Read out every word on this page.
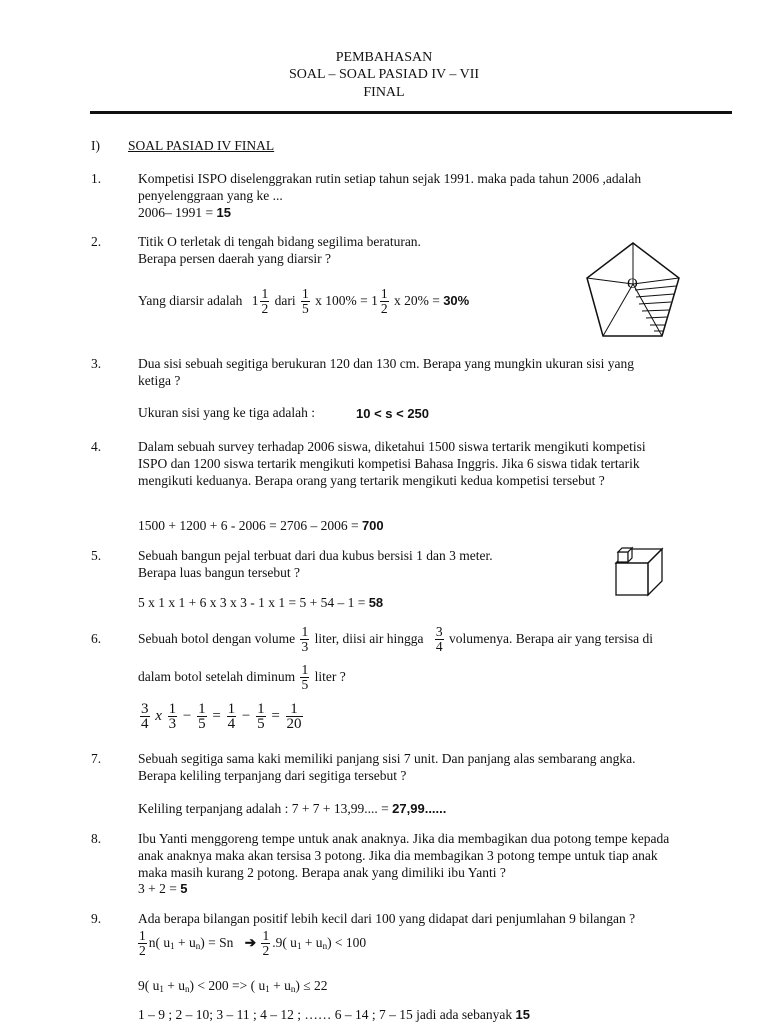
PEMBAHASAN
SOAL – SOAL PASIAD IV – VII
FINAL
I) SOAL PASIAD IV FINAL
1.	Kompetisi ISPO diselenggrakan rutin setiap tahun sejak 1991. maka pada tahun 2006 ,adalah
penyelenggraan yang ke ...
2006– 1991 = 15
2.	Titik O terletak di tengah bidang segilima beraturan.
Berapa persen daerah yang diarsir ?
Yang diarsir adalah $1 \frac{1}{2}$ dari $\frac{1}{5}$ x $100\% = 1 \frac{1}{2}$ x 20% = 30%
O
3.	Dua sisi sebuah segitiga berukuran 120 dan 130 cm. Berapa yang mungkin ukuran sisi yang
ketiga ?
Ukuran sisi yang ke tiga adalah :	10 < s < 250
4.	Dalam sebuah survey terhadap 2006 siswa, diketahui 1500 siswa tertarik mengikuti kompetisi
ISPO dan 1200 siswa tertarik mengikuti kompetisi Bahasa Inggris. Jika 6 siswa tidak tertarik
mengikuti keduanya. Berapa orang yang tertarik mengikuti kedua kompetisi tersebut ?
1500 + 1200 + 6 - 2006 = 2706 – 2006 = 700
5.	Sebuah bangun pejal terbuat dari dua kubus bersisi 1 dan 3 meter.
Berapa luas bangun tersebut ?
5 x 1 x 1 + 6 x 3 x 3 - 1 x 1 = 5 + 54 – 1 = 58
6.	Sebuah botol dengan volume $\frac{1}{3}$ liter, diisi air hingga $\frac{3}{4}$ volumenya. Berapa air yang tersisa di
dalam botol setelah diminum $\frac{1}{5}$ liter ?
$\frac{3}{4}$ x $\frac{1}{3} - \frac{1}{5} = \frac{1}{4} - \frac{1}{5} = \frac{1}{20}$
7.	Sebuah segitiga sama kaki memiliki panjang sisi 7 unit. Dan panjang alas sembarang angka.
Berapa keliling terpanjang dari segitiga tersebut ?
Keliling terpanjang adalah : 7 + 7 + 13,99.... = 27,99......
8.	Ibu Yanti menggoreng tempe untuk anak anaknya. Jika dia membagikan dua potong tempe kepada
anak anaknya maka akan tersisa 3 potong. Jika dia membagikan 3 potong tempe untuk tiap anak
maka masih kurang 2 potong. Berapa anak yang dimiliki ibu Yanti ?
3 + 2 = 5
9.	Ada berapa bilangan positif lebih kecil dari 100 yang didapat dari penjumlahan 9 bilangan ?
$\frac{1}{2} n$( $u_1 + u_n) = Sn$ ➔ $\frac{1}{2} .9$( $u_1 + u_n) < 100$
9( $u_1 + u_n) < 200$ => ( $u_1 + u_n) \le 22$
1 – 9 ; 2 – 10; 3 – 11 ; 4 – 12 ; …… 6 – 14 ; 7 – 15 jadi ada sebanyak 15
